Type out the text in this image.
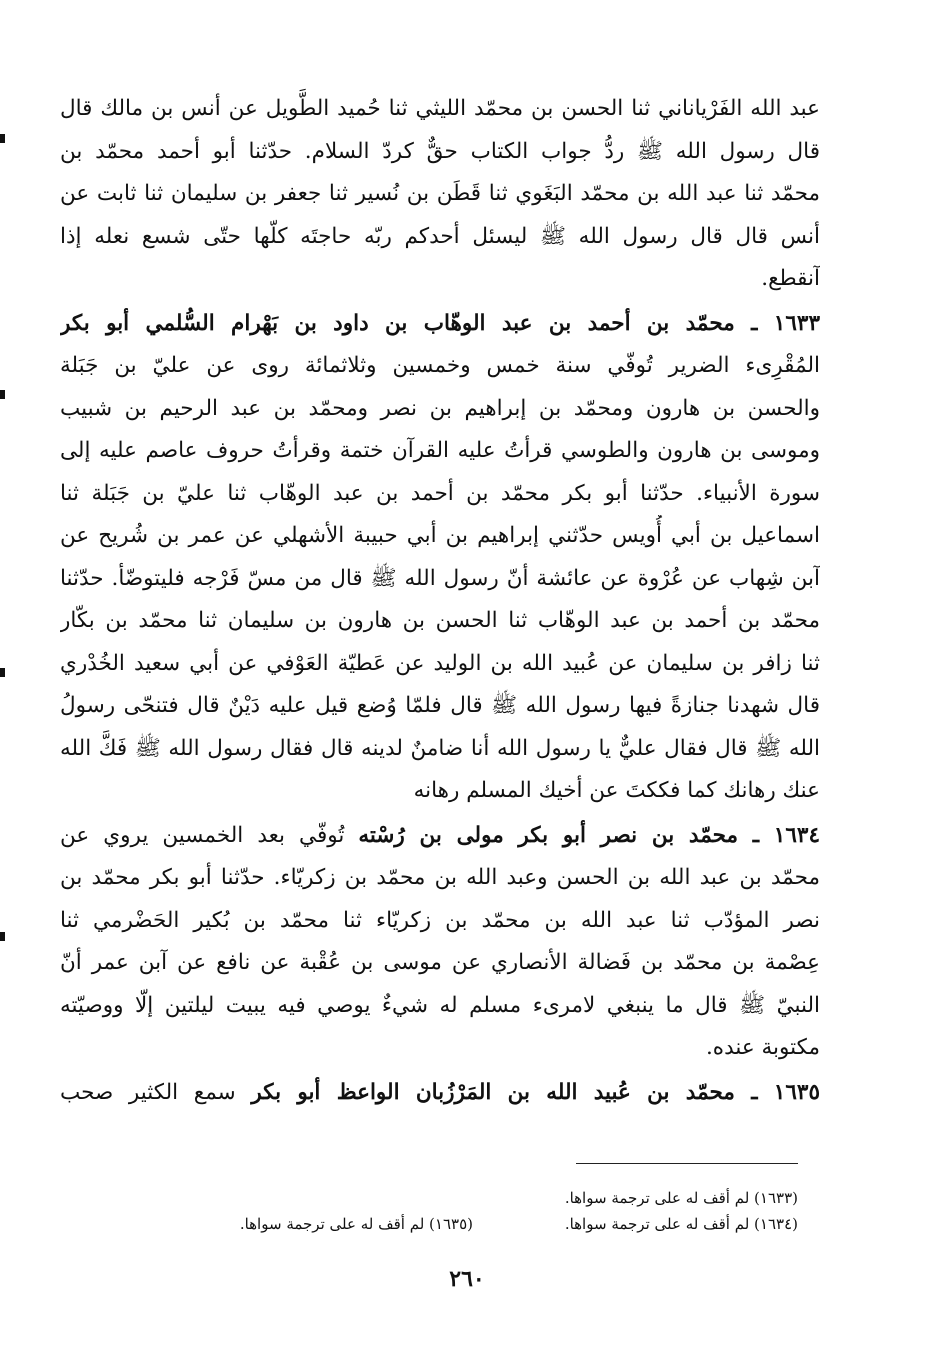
عبد الله الفَرْياناني ثنا الحسن بن محمّد الليثي ثنا حُميد الطَّويل عن أنس بن مالك قال
قال رسول الله ﷺ ردُّ جواب الكتاب حقٌّ كردّ السلام. حدّثنا أبو أحمد محمّد بن
محمّد ثنا عبد الله بن محمّد البَغَوي ثنا قَطَن بن نُسير ثنا جعفر بن سليمان ثنا ثابت عن
أنس قال قال رسول الله ﷺ ليسئل أحدكم ربّه حاجتَه كلّها حتّى شسع نعله إذا
آنقطع.
١٦٣٣ ـ محمّد بن أحمد بن عبد الوهّاب بن داود بن بَهْرام السُّلمي أبو بكر
المُقْرِىء الضرير تُوفّي سنة خمس وخمسين وثلاثمائة روى عن عليّ بن جَبَلة
والحسن بن هارون ومحمّد بن إبراهيم بن نصر ومحمّد بن عبد الرحيم بن شبيب
وموسى بن هارون والطوسي قرأتُ عليه القرآن ختمة وقرأتُ حروف عاصم عليه إلى
سورة الأنبياء. حدّثنا أبو بكر محمّد بن أحمد بن عبد الوهّاب ثنا عليّ بن جَبَلة ثنا
اسماعيل بن أبي أُويس حدّثني إبراهيم بن أبي حبيبة الأشهلي عن عمر بن شُريح عن
آبن شِهاب عن عُرْوة عن عائشة أنّ رسول الله ﷺ قال من مسّ فَرْجه فليتوضّأ. حدّثنا
محمّد بن أحمد بن عبد الوهّاب ثنا الحسن بن هارون بن سليمان ثنا محمّد بن بكّار
ثنا زافر بن سليمان عن عُبيد الله بن الوليد عن عَطيّة العَوْفي عن أبي سعيد الخُدْري
قال شهدنا جنازةً فيها رسول الله ﷺ قال فلمّا وُضع قيل عليه دَيْنٌ قال فتنحّى رسولُ
الله ﷺ قال فقال عليٌّ يا رسول الله أنا ضامنٌ لدينه قال فقال رسول الله ﷺ فَكَّ الله
عنك رهانك كما فككتَ عن أخيك المسلم رهانه
١٦٣٤ ـ محمّد بن نصر أبو بكر مولى بن رُسْته تُوفّي بعد الخمسين يروي عن
محمّد بن عبد الله بن الحسن وعبد الله بن محمّد بن زكريّاء. حدّثنا أبو بكر محمّد بن
نصر المؤدّب ثنا عبد الله بن محمّد بن زكريّاء ثنا محمّد بن بُكير الحَضْرمي ثنا
عِصْمة بن محمّد بن فَضالة الأنصاري عن موسى بن عُقْبة عن نافع عن آبن عمر أنّ
النبيّ ﷺ قال ما ينبغي لامرىء مسلم له شيءٌ يوصي فيه يبيت ليلتين إلّا ووصيّته
مكتوبة عنده.
١٦٣٥ ـ محمّد بن عُبيد الله بن المَرْزُبان الواعظ أبو بكر سمع الكثير صحب
(١٦٣٣) لم أقف له على ترجمة سواها.
(١٦٣٤) لم أقف له على ترجمة سواها.
(١٦٣٥) لم أقف له على ترجمة سواها.
٢٦٠
